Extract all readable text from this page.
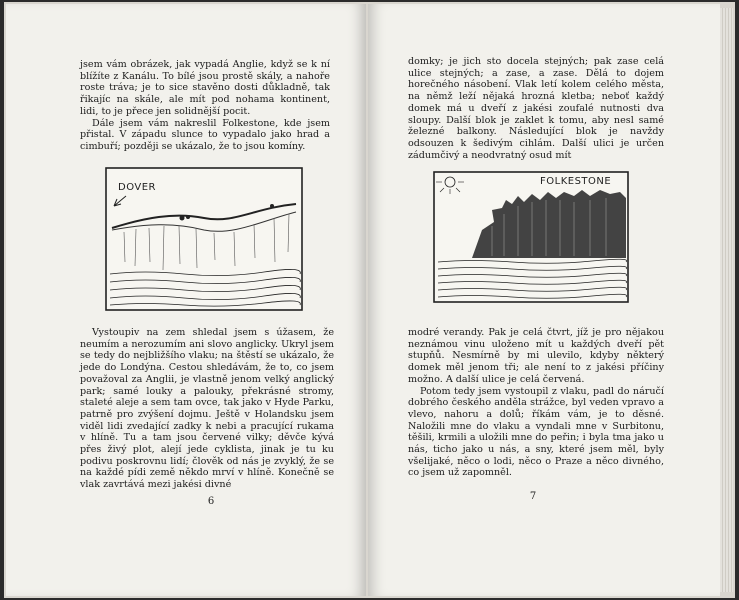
jsem vám obrázek, jak vypadá Anglie, když se k ní blížíte z Kanálu. To bílé jsou prostě skály, a nahoře roste tráva; je to sice stavěno dosti důkladně, tak řikajíc na skále, ale mít pod nohama kontinent, lidi, to je přece jen solidnější pocit.

Dále jsem vám nakreslil Folkestone, kde jsem přistal. V západu slunce to vypadalo jako hrad a cimbuří; později se ukázalo, že to jsou komíny.

DOVER

Vystoupiv na zem shledal jsem s úžasem, že neumím a nerozumím ani slovo anglicky. Ukryl jsem se tedy do nejbližšího vlaku; na štěstí se ukázalo, že jede do Londýna. Cestou shledávám, že to, co jsem považoval za Anglii, je vlastně jenom velký anglický park; samé louky a palouky, překrásné stromy, staleté aleje a sem tam ovce, tak jako v Hyde Parku, patrně pro zvýšení dojmu. Ještě v Holandsku jsem viděl lidi zvedající zadky k nebi a pracující rukama v hlíně. Tu a tam jsou červené vilky; děvče kývá přes živý plot, alejí jede cyklista, jinak je tu ku podivu poskrovnu lidí; člověk od nás je zvyklý, že se na každé pídi země někdo mrví v hlíně. Konečně se vlak zavrtává mezi jakési divné

6

domky; je jich sto docela stejných; pak zase celá ulice stejných; a zase, a zase. Dělá to dojem horečného násobení. Vlak letí kolem celého města, na němž leží nějaká hrozná kletba; neboť každý domek má u dveří z jakési zoufalé nutnosti dva sloupy. Další blok je zaklet k tomu, aby nesl samé železné balkony. Následující blok je navždy odsouzen k šedivým cihlám. Další ulici je určen zádumčivý a neodvratný osud mít

FOLKESTONE

modré verandy. Pak je celá čtvrt, jíž je pro nějakou neznámou vinu uloženo mít u každých dveří pět stupňů. Nesmírně by mi ulevilo, kdyby některý domek měl jenom tři; ale není to z jakési příčiny možno. A další ulice je celá červená.

Potom tedy jsem vystoupil z vlaku, padl do náručí dobrého českého anděla strážce, byl veden vpravo a vlevo, nahoru a dolů; říkám vám, je to děsné. Naložili mne do vlaku a vyndali mne v Surbitonu, těšili, krmili a uložili mne do peřin; i byla tma jako u nás, ticho jako u nás, a sny, které jsem měl, byly všelijaké, něco o lodi, něco o Praze a něco divného, co jsem už zapomněl.

7
